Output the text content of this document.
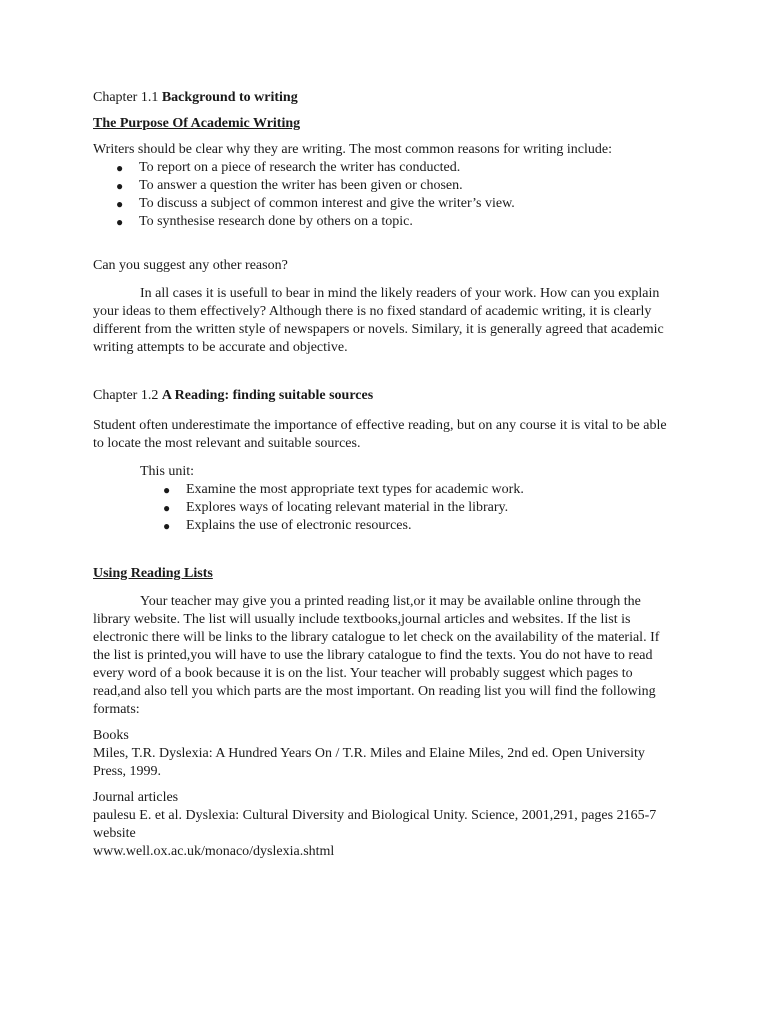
Chapter 1.1 Background to writing

The Purpose Of Academic Writing

Writers should be clear why they are writing. The most common reasons for writing include:

● To report on a piece of research the writer has conducted.
● To answer a question the writer has been given or chosen.
● To discuss a subject of common interest and give the writer’s view.
● To synthesise research done by others on a topic.

Can you suggest any other reason?

In all cases it is usefull to bear in mind the likely readers of your work. How can you explain your ideas to them effectively? Although there is no fixed standard of academic writing, it is clearly different from the written style of newspapers or novels. Similary, it is generally agreed that academic writing attempts to be accurate and objective.

Chapter 1.2 A Reading: finding suitable sources

Student often underestimate the importance of effective reading, but on any course it is vital to be able to locate the most relevant and suitable sources.

This unit:

● Examine the most appropriate text types for academic work.
● Explores ways of locating relevant material in the library.
● Explains the use of electronic resources.

Using Reading Lists

Your teacher may give you a printed reading list,or it may be available online through the library website. The list will usually include textbooks,journal articles and websites. If the list is electronic there will be links to the library catalogue to let check on the availability of the material. If the list is printed,you will have to use the library catalogue to find the texts. You do not have to read every word of a book because it is on the list. Your teacher will probably suggest which pages to read,and also tell you which parts are the most important. On reading list you will find the following formats:

Books

Miles, T.R. Dyslexia: A Hundred Years On / T.R. Miles and Elaine Miles, 2nd ed. Open University Press, 1999.

Journal articles

paulesu E. et al. Dyslexia: Cultural Diversity and Biological Unity. Science, 2001,291, pages 2165-7

website

www.well.ox.ac.uk/monaco/dyslexia.shtml
